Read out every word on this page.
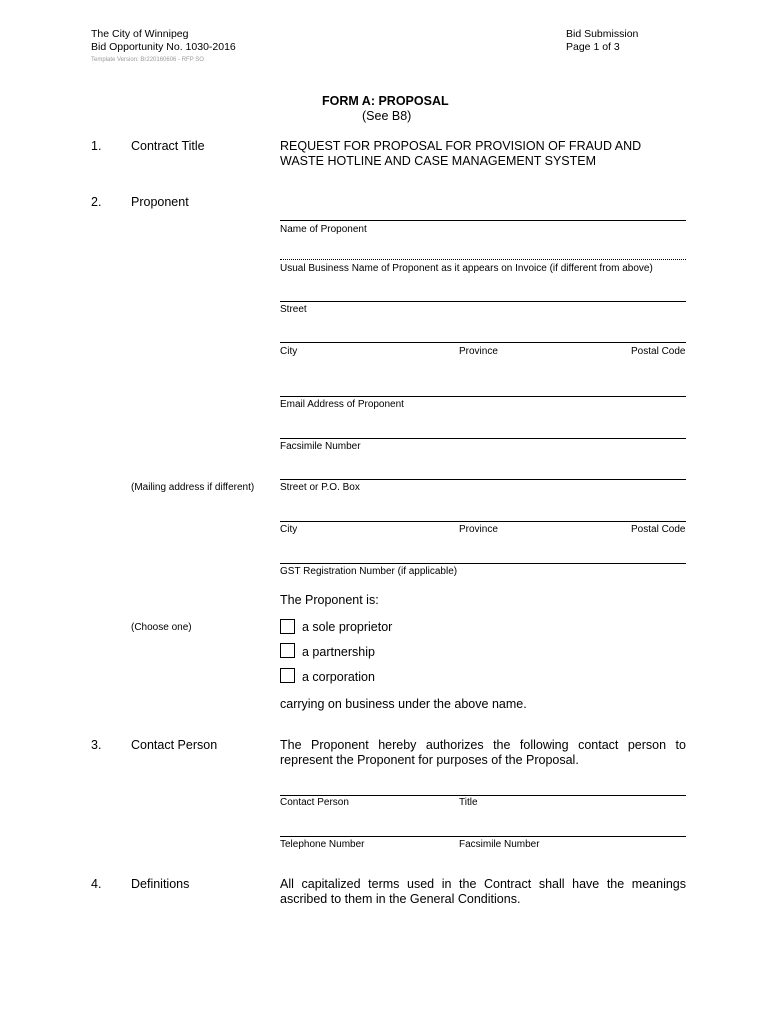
The City of Winnipeg
Bid Opportunity No. 1030-2016
Template Version: Br220160606 - RFP SO
Bid Submission
Page 1 of 3
FORM A: PROPOSAL
(See B8)
1. Contract Title	REQUEST FOR PROPOSAL FOR PROVISION OF FRAUD AND
WASTE HOTLINE AND CASE MANAGEMENT SYSTEM
2. Proponent
Name of Proponent
Usual Business Name of Proponent as it appears on Invoice (if different from above)
Street
City	Province	Postal Code
Email Address of Proponent
Facsimile Number
(Mailing address if different)	Street or P.O. Box
City	Province	Postal Code
GST Registration Number (if applicable)
The Proponent is:
(Choose one)	a sole proprietor
a partnership
a corporation
carrying on business under the above name.
3. Contact Person	The Proponent hereby authorizes the following contact person to represent the Proponent for purposes of the Proposal.
Contact Person	Title
Telephone Number	Facsimile Number
4. Definitions	All capitalized terms used in the Contract shall have the meanings ascribed to them in the General Conditions.
